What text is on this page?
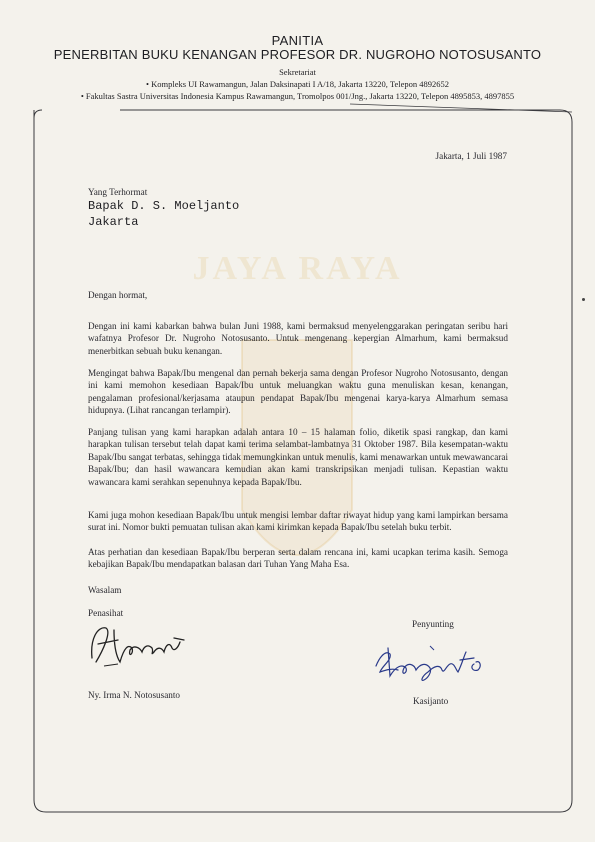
PANITIA
PENERBITAN BUKU KENANGAN PROFESOR DR. NUGROHO NOTOSUSANTO
Sekretariat
• Kompleks UI Rawamangun, Jalan Daksinapati I A/18, Jakarta 13220, Telepon 4892652
• Fakultas Sastra Universitas Indonesia Kampus Rawamangun, Tromolpos 001/Jng., Jakarta 13220, Telepon 4895853, 4897855
JAYA RAYA
Jakarta, 1 Juli 1987
Yang Terhormat
Bapak D. S. Moeljanto
Jakarta
Dengan hormat,
Dengan ini kami kabarkan bahwa bulan Juni 1988, kami bermaksud menyelenggarakan peringatan seribu hari wafatnya Profesor Dr. Nugroho Notosusanto. Untuk mengenang kepergian Almarhum, kami bermaksud menerbitkan sebuah buku kenangan.
Mengingat bahwa Bapak/Ibu mengenal dan pernah bekerja sama dengan Profesor Nugroho Notosusanto, dengan ini kami memohon kesediaan Bapak/Ibu untuk meluangkan waktu guna menuliskan kesan, kenangan, pengalaman profesional/kerjasama ataupun pendapat Bapak/Ibu mengenai karya-karya Almarhum semasa hidupnya. (Lihat rancangan terlampir).
Panjang tulisan yang kami harapkan adalah antara 10 – 15 halaman folio, diketik spasi rangkap, dan kami harapkan tulisan tersebut telah dapat kami terima selambat-lambatnya 31 Oktober 1987. Bila kesempatan-waktu Bapak/Ibu sangat terbatas, sehingga tidak memungkinkan untuk menulis, kami menawarkan untuk mewawancarai Bapak/Ibu; dan hasil wawancara kemudian akan kami transkripsikan menjadi tulisan. Kepastian waktu wawancara kami serahkan sepenuhnya kepada Bapak/Ibu.
Kami juga mohon kesediaan Bapak/Ibu untuk mengisi lembar daftar riwayat hidup yang kami lampirkan bersama surat ini. Nomor bukti pemuatan tulisan akan kami kirimkan kepada Bapak/Ibu setelah buku terbit.
Atas perhatian dan kesediaan Bapak/Ibu berperan serta dalam rencana ini, kami ucapkan terima kasih. Semoga kebajikan Bapak/Ibu mendapatkan balasan dari Tuhan Yang Maha Esa.
Wasalam
Penasihat
Ny. Irma N. Notosusanto
Penyunting
Kasijanto
